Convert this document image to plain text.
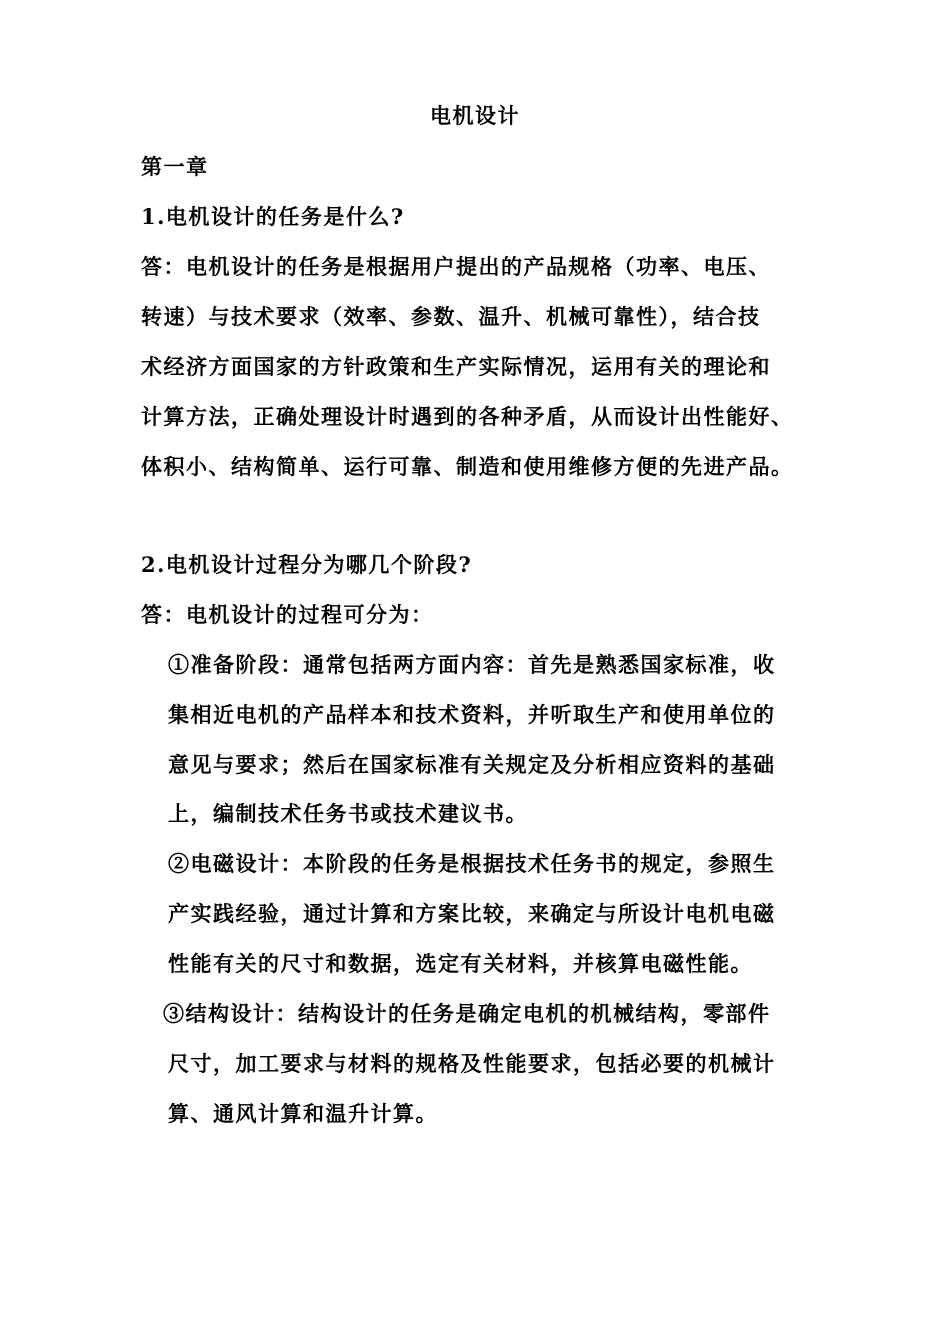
电机设计
第一章
1.电机设计的任务是什么?
答：电机设计的任务是根据用户提出的产品规格（功率、电压、
转速）与技术要求（效率、参数、温升、机械可靠性），结合技
术经济方面国家的方针政策和生产实际情况，运用有关的理论和
计算方法，正确处理设计时遇到的各种矛盾，从而设计出性能好、
体积小、结构简单、运行可靠、制造和使用维修方便的先进产品。
2.电机设计过程分为哪几个阶段?
答：电机设计的过程可分为：
①准备阶段：通常包括两方面内容：首先是熟悉国家标准，收
集相近电机的产品样本和技术资料，并听取生产和使用单位的
意见与要求；然后在国家标准有关规定及分析相应资料的基础
上，编制技术任务书或技术建议书。
②电磁设计：本阶段的任务是根据技术任务书的规定，参照生
产实践经验，通过计算和方案比较，来确定与所设计电机电磁
性能有关的尺寸和数据，选定有关材料，并核算电磁性能。
③结构设计：结构设计的任务是确定电机的机械结构，零部件
尺寸，加工要求与材料的规格及性能要求，包括必要的机械计
算、通风计算和温升计算。
